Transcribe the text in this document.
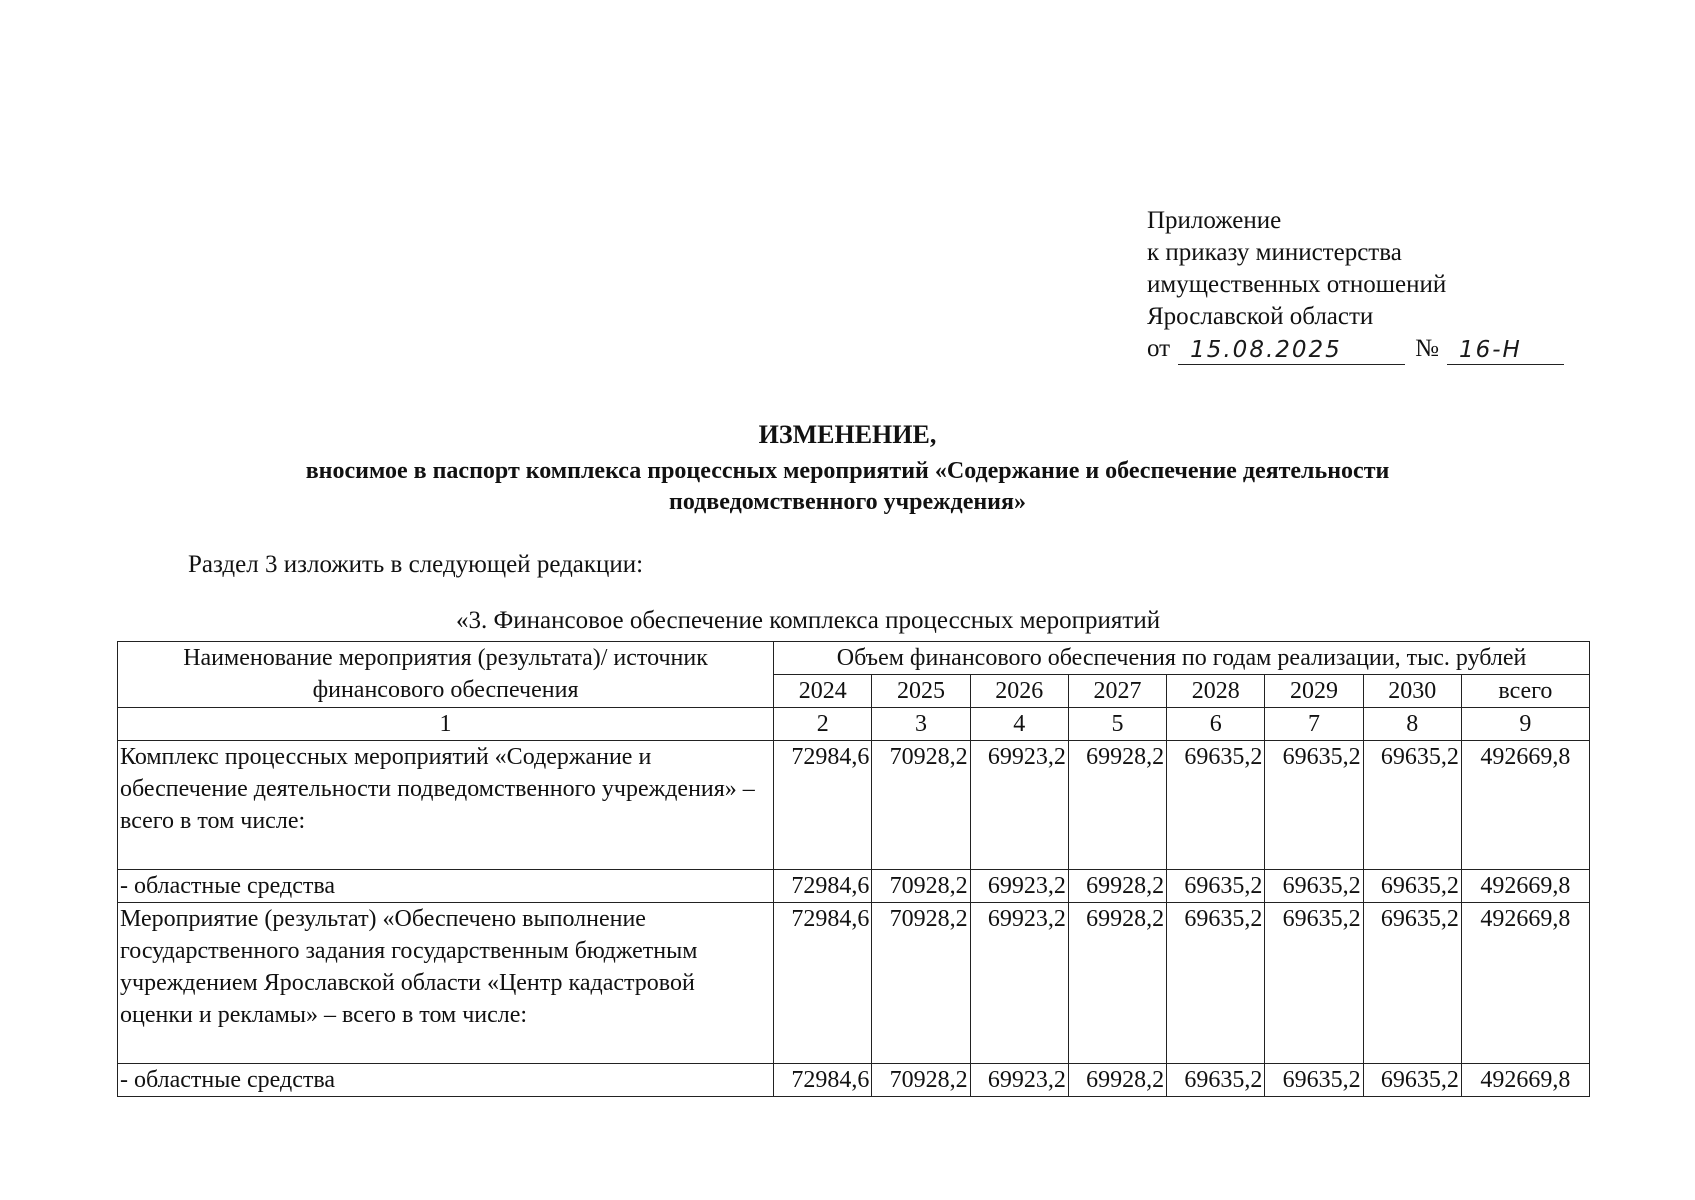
Приложение
к приказу министерства
имущественных отношений
Ярославской области
от 15.08.2025	№ 16-Н
ИЗМЕНЕНИЕ,
вносимое в паспорт комплекса процессных мероприятий «Содержание и обеспечение деятельности
подведомственного учреждения»
Раздел 3 изложить в следующей редакции:
«3. Финансовое обеспечение комплекса процессных мероприятий
Наименование мероприятия (результата)/ источник финансового обеспечения	Объем финансового обеспечения по годам реализации, тыс. рублей							
	2024	2025	2026	2027	2028	2029	2030	всего
1	2	3	4	5	6	7	8	9
Комплекс процессных мероприятий «Содержание и обеспечение деятельности подведомственного учреждения» – всего в том числе:	72984,6	70928,2	69923,2	69928,2	69635,2	69635,2	69635,2	492669,8
- областные средства	72984,6	70928,2	69923,2	69928,2	69635,2	69635,2	69635,2	492669,8
Мероприятие (результат) «Обеспечено выполнение государственного задания государственным бюджетным учреждением Ярославской области «Центр кадастровой оценки и рекламы» – всего в том числе:	72984,6	70928,2	69923,2	69928,2	69635,2	69635,2	69635,2	492669,8
- областные средства	72984,6	70928,2	69923,2	69928,2	69635,2	69635,2	69635,2	492669,8
